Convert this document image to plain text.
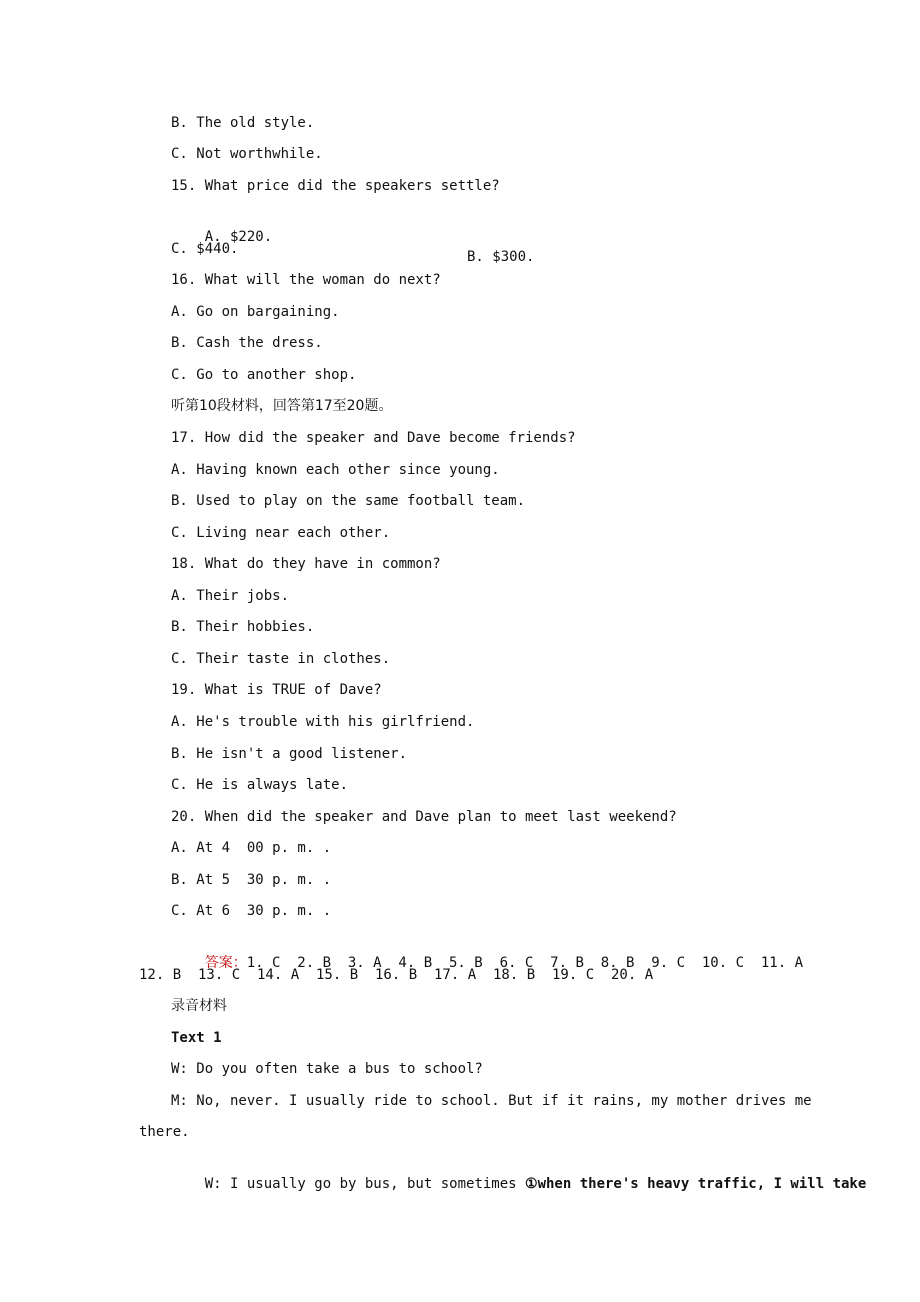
B. The old style.
C. Not worthwhile.
15. What price did the speakers settle?

A. $220.

B. $300.

C. $440.
16. What will the woman do next?
A. Go on bargaining.
B. Cash the dress.
C. Go to another shop.
听第10段材料，回答第17至20题。
17. How did the speaker and Dave become friends?
A. Having known each other since young.
B. Used to play on the same football team.
C. Living near each other.
18. What do they have in common?
A. Their jobs.
B. Their hobbies.
C. Their taste in clothes.
19. What is TRUE of Dave?
A. He's trouble with his girlfriend.
B. He isn't a good listener.
C. He is always late.
20. When did the speaker and Dave plan to meet last weekend?
A. At 4  00 p. m. .
B. At 5  30 p. m. .
C. At 6  30 p. m. .

答案：1. C  2. B  3. A  4. B  5. B  6. C  7. B  8. B  9. C  10. C  11. A

12. B  13. C  14. A  15. B  16. B  17. A  18. B  19. C  20. A
录音材料
Text 1
W: Do you often take a bus to school?
M: No, never. I usually ride to school. But if it rains, my mother drives me
there.

W: I usually go by bus, but sometimes ①when there's heavy traffic, I will take
